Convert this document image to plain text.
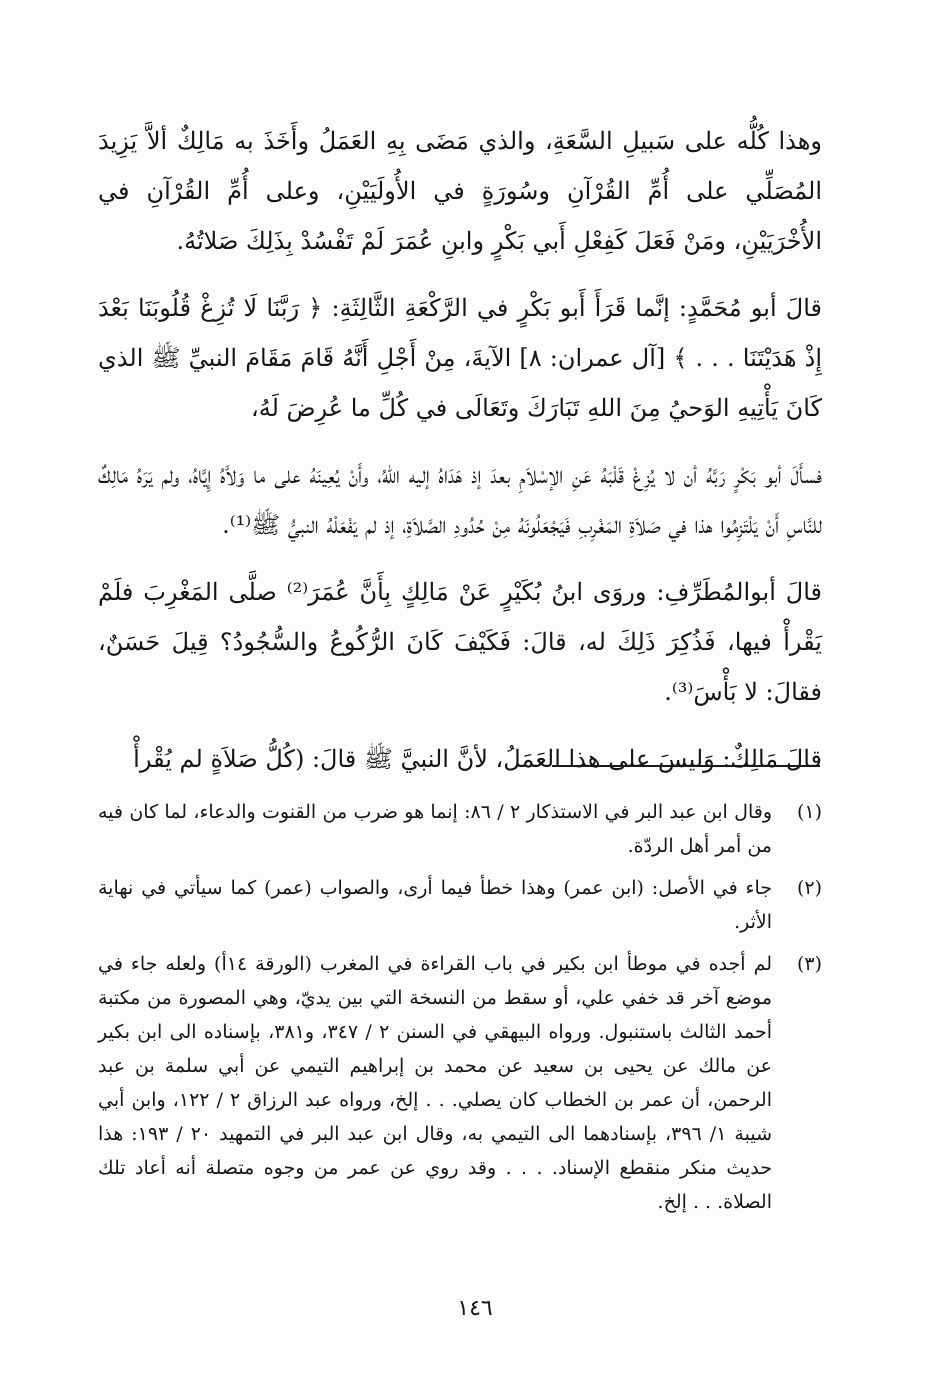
وهذا كُلُّه على سَبيلِ السَّعَةِ، والذي مَضَى بِهِ العَمَلُ وأَخَذَ به مَالِكٌ ألاَّ يَزِيدَ المُصَلِّي على أُمِّ القُرْآنِ وسُورَةٍ في الأُولَيَيْنِ، وعلى أُمِّ القُرْآنِ في الأُخْرَيَيْنِ، ومَنْ فَعَلَ كَفِعْلِ أَبي بَكْرٍ وابنِ عُمَرَ لَمْ تَفْسُدْ بِذَلِكَ صَلاتُهُ.

قالَ أبو مُحَمَّدٍ: إنَّما قَرَأَ أَبو بَكْرٍ في الرَّكْعَةِ الثَّالِثَةِ: ﴿ رَبَّنَا لَا تُزِغْ قُلُوبَنَا بَعْدَ إِذْ هَدَيْتَنَا . . . ﴾ [آل عمران: ٨] الآيةَ، مِنْ أَجْلِ أَنَّهُ قَامَ مَقَامَ النبيِّ ﷺ الذي كَانَ يَأْتِيهِ الوَحيُ مِنَ اللهِ تَبَارَكَ وتَعَالَى في كُلِّ ما عُرِضَ لَهُ،

فسأَلَ أبو بَكْرٍ رَبَّهُ أن لا يُزِغْ قَلْبَهُ عَنِ الإسْلاَمِ بعدَ إذ هَدَاهُ إليه اللهُ، وأَنْ يُعِينَهُ على ما وَلاَّهُ إِيَّاهُ، ولم يَرَهُ مَالِكٌ للنَّاسِ أَنْ يَلْتَزِمُوا هذا في صَلاَةِ المَغْرِبِ فَيَجْعَلُونَهُ مِنْ حُدُودِ الصَّلاَةِ، إذ لم يَفْعَلْهُ النبيُّ ﷺ⁽¹⁾.

قالَ أبوالمُطَرِّفِ: وروَى ابنُ بُكَيْرٍ عَنْ مَالِكٍ بِأَنَّ عُمَرَ⁽²⁾ صلَّى المَغْرِبَ فلَمْ يَقْرأْ فيها، فَذُكِرَ ذَلِكَ له، قالَ: فَكَيْفَ كَانَ الرُّكُوعُ والسُّجُودُ؟ قِيلَ حَسَنٌ، فقالَ: لا بَأْسَ⁽³⁾.

قالَ مَالِكٌ: وَليسَ على هذا العَمَلُ، لأنَّ النبيَّ ﷺ قالَ: (كُلُّ صَلاَةٍ لم يُقْرأْ

(١)
وقال ابن عبد البر في الاستذكار ٢ / ٨٦: إنما هو ضرب من القنوت والدعاء، لما كان فيه من أمر أهل الردّة.
(٢)
جاء في الأصل: (ابن عمر) وهذا خطأ فيما أرى، والصواب (عمر) كما سيأتي في نهاية الأثر.
(٣)
لم أجده في موطأ ابن بكير في باب القراءة في المغرب (الورقة ١٤أ) ولعله جاء في موضع آخر قد خفي علي، أو سقط من النسخة التي بين يديّ، وهي المصورة من مكتبة أحمد الثالث باستنبول. ورواه البيهقي في السنن ٢ / ٣٤٧، و٣٨١، بإسناده الى ابن بكير عن مالك عن يحيى بن سعيد عن محمد بن إبراهيم التيمي عن أبي سلمة بن عبد الرحمن، أن عمر بن الخطاب كان يصلي. . . إلخ، ورواه عبد الرزاق ٢ / ١٢٢، وابن أبي شيبة ١/ ٣٩٦، بإسنادهما الى التيمي به، وقال ابن عبد البر في التمهيد ٢٠ / ١٩٣: هذا حديث منكر منقطع الإسناد. . . . وقد روي عن عمر من وجوه متصلة أنه أعاد تلك الصلاة. . . إلخ.
١٤٦
